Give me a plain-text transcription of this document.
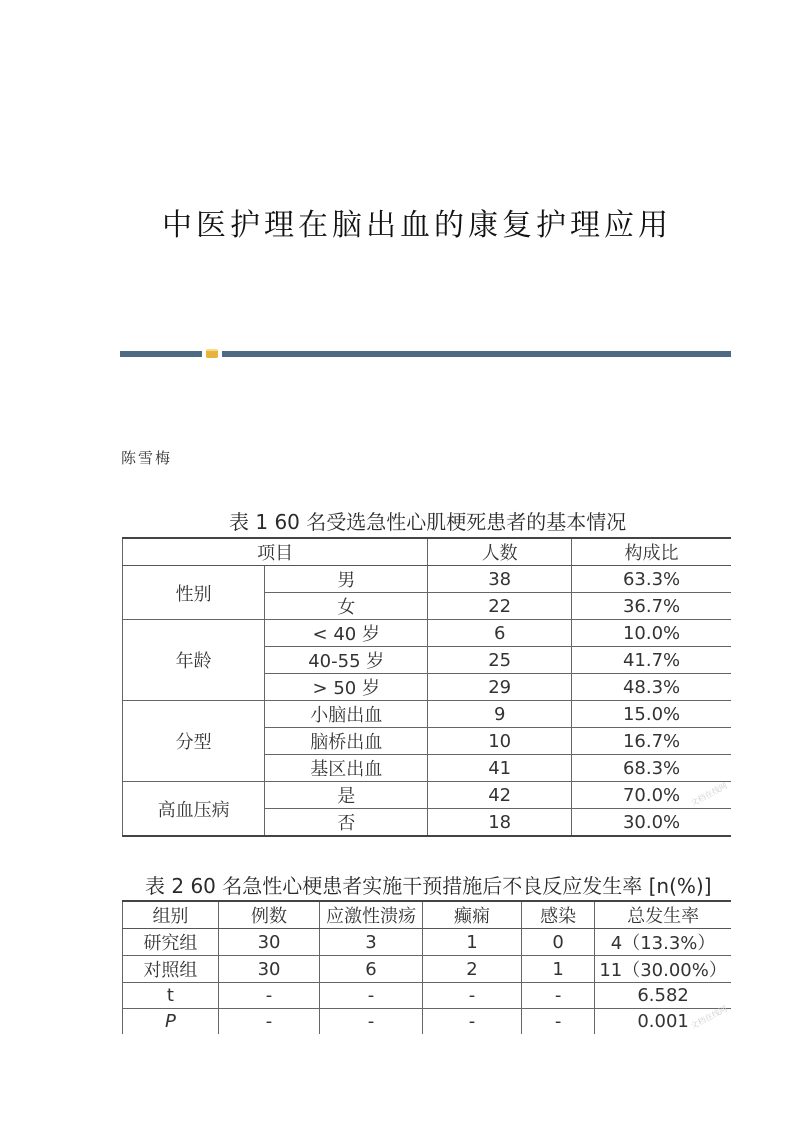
中医护理在脑出血的康复护理应用

陈雪梅

表 1 60 名受选急性心肌梗死患者的基本情况
项目		人数	构成比
性别	男	38	63.3%
	女	22	36.7%
年龄	< 40 岁	6	10.0%
	40-55 岁	25	41.7%
	> 50 岁	29	48.3%
分型	小脑出血	9	15.0%
	脑桥出血	10	16.7%
	基区出血	41	68.3%
高血压病	是	42	70.0%
	否	18	30.0%
文档在线网
表 2 60 名急性心梗患者实施干预措施后不良反应发生率 [n(%)]
组别	例数	应激性溃疡	癫痫	感染	总发生率
研究组	30	3	1	0	4（13.3%）
对照组	30	6	2	1	11（30.00%）
t	-	-	-	-	6.582
P	-	-	-	-	0.001 文档在线网
